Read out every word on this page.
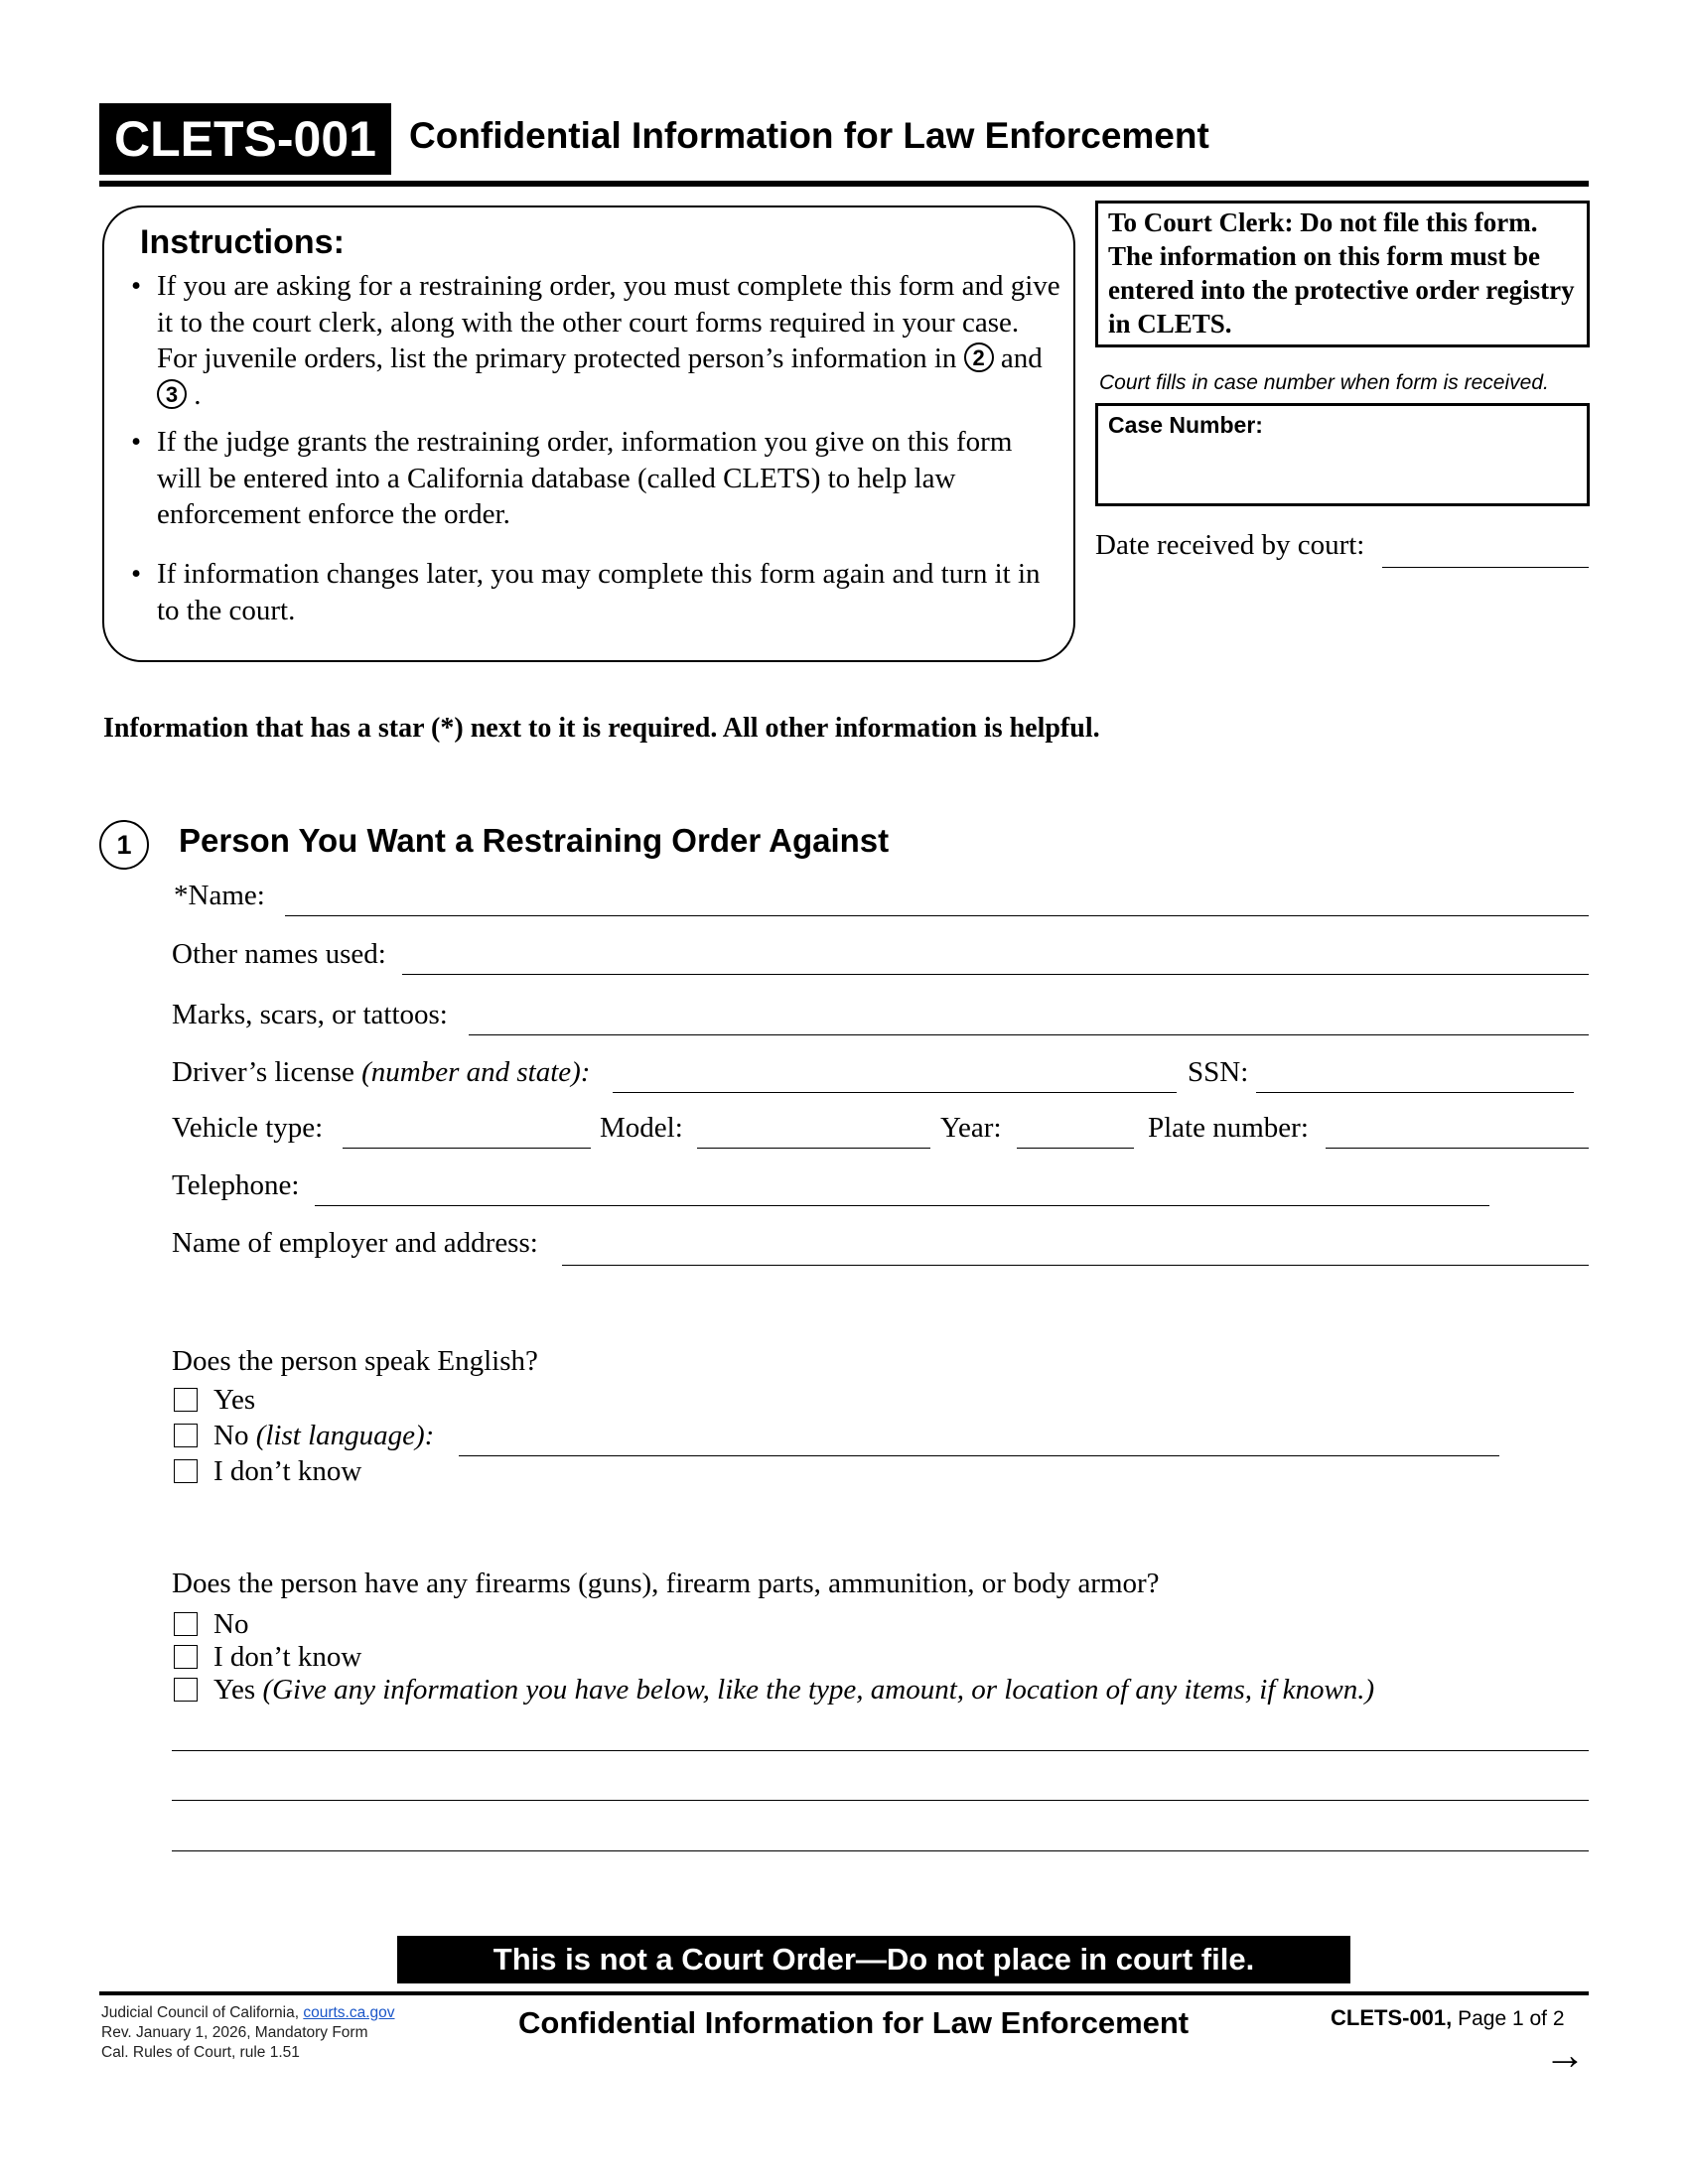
CLETS-001 Confidential Information for Law Enforcement
Instructions:
• If you are asking for a restraining order, you must complete this form and give it to the court clerk, along with the other court forms required in your case. For juvenile orders, list the primary protected person’s information in 2 and 3 .
• If the judge grants the restraining order, information you give on this form will be entered into a California database (called CLETS) to help law enforcement enforce the order.
• If information changes later, you may complete this form again and turn it in to the court.
To Court Clerk: Do not file this form. The information on this form must be entered into the protective order registry in CLETS.
Court fills in case number when form is received.
Case Number:
Date received by court:
Information that has a star (*) next to it is required. All other information is helpful.
1	Person You Want a Restraining Order Against
*Name:
Other names used:
Marks, scars, or tattoos:
Driver’s license (number and state):	SSN:
Vehicle type:	Model:	Year:	Plate number:
Telephone:
Name of employer and address:
Does the person speak English?
Yes
No (list language):
I don’t know
Does the person have any firearms (guns), firearm parts, ammunition, or body armor?
No
I don’t know
Yes (Give any information you have below, like the type, amount, or location of any items, if known.)
This is not a Court Order—Do not place in court file.
Judicial Council of California, courts.ca.gov
Rev. January 1, 2026, Mandatory Form
Cal. Rules of Court, rule 1.51
Confidential Information for Law Enforcement	CLETS-001, Page 1 of 2
→
